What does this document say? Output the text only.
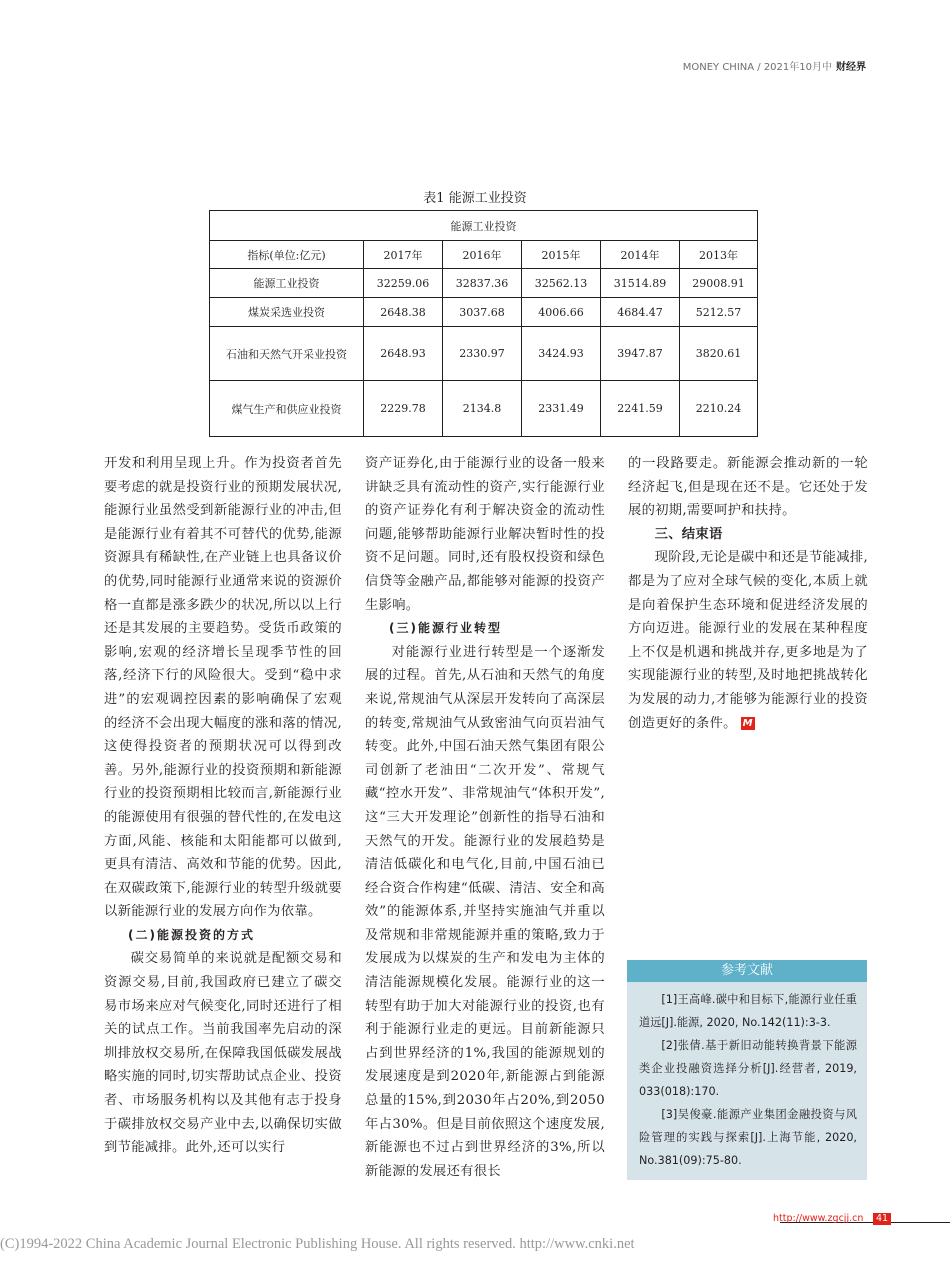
MONEY CHINA / 2021年10月中 财经界
表1 能源工业投资
能源工业投资					
指标(单位:亿元)	2017年	2016年	2015年	2014年	2013年
能源工业投资	32259.06	32837.36	32562.13	31514.89	29008.91
煤炭采选业投资	2648.38	3037.68	4006.66	4684.47	5212.57
石油和天然气开采业投资	2648.93	2330.97	3424.93	3947.87	3820.61
煤气生产和供应业投资	2229.78	2134.8	2331.49	2241.59	2210.24

开发和利用呈现上升。作为投资者首先要考虑的就是投资行业的预期发展状况,能源行业虽然受到新能源行业的冲击,但是能源行业有着其不可替代的优势,能源资源具有稀缺性,在产业链上也具备议价的优势,同时能源行业通常来说的资源价格一直都是涨多跌少的状况,所以以上行还是其发展的主要趋势。受货币政策的影响,宏观的经济增长呈现季节性的回落,经济下行的风险很大。受到“稳中求进”的宏观调控因素的影响确保了宏观的经济不会出现大幅度的涨和落的情况,这使得投资者的预期状况可以得到改善。另外,能源行业的投资预期和新能源行业的投资预期相比较而言,新能源行业的能源使用有很强的替代性的,在发电这方面,风能、核能和太阳能都可以做到,更具有清洁、高效和节能的优势。因此,在双碳政策下,能源行业的转型升级就要以新能源行业的发展方向作为依靠。

(二)能源投资的方式

碳交易简单的来说就是配额交易和资源交易,目前,我国政府已建立了碳交易市场来应对气候变化,同时还进行了相关的试点工作。当前我国率先启动的深圳排放权交易所,在保障我国低碳发展战略实施的同时,切实帮助试点企业、投资者、市场服务机构以及其他有志于投身于碳排放权交易产业中去,以确保切实做到节能减排。此外,还可以实行

资产证券化,由于能源行业的设备一般来讲缺乏具有流动性的资产,实行能源行业的资产证券化有利于解决资金的流动性问题,能够帮助能源行业解决暂时性的投资不足问题。同时,还有股权投资和绿色信贷等金融产品,都能够对能源的投资产生影响。

(三)能源行业转型

对能源行业进行转型是一个逐渐发展的过程。首先,从石油和天然气的角度来说,常规油气从深层开发转向了高深层的转变,常规油气从致密油气向页岩油气转变。此外,中国石油天然气集团有限公司创新了老油田“二次开发”、常规气藏“控水开发”、非常规油气“体积开发”,这“三大开发理论”创新性的指导石油和天然气的开发。能源行业的发展趋势是清洁低碳化和电气化,目前,中国石油已经合资合作构建“低碳、清洁、安全和高效”的能源体系,并坚持实施油气并重以及常规和非常规能源并重的策略,致力于发展成为以煤炭的生产和发电为主体的清洁能源规模化发展。能源行业的这一转型有助于加大对能源行业的投资,也有利于能源行业走的更远。目前新能源只占到世界经济的1%,我国的能源规划的发展速度是到2020年,新能源占到能源总量的15%,到2030年占20%,到2050年占30%。但是目前依照这个速度发展,新能源也不过占到世界经济的3%,所以新能源的发展还有很长

的一段路要走。新能源会推动新的一轮经济起飞,但是现在还不是。它还处于发展的初期,需要呵护和扶持。

三、结束语

现阶段,无论是碳中和还是节能减排,都是为了应对全球气候的变化,本质上就是向着保护生态环境和促进经济发展的方向迈进。能源行业的发展在某种程度上不仅是机遇和挑战并存,更多地是为了实现能源行业的转型,及时地把挑战转化为发展的动力,才能够为能源行业的投资创造更好的条件。 M

参考文献

[1]王高峰.碳中和目标下,能源行业任重道远[J].能源, 2020, No.142(11):3-3.

[2]张倩.基于新旧动能转换背景下能源类企业投融资选择分析[J].经营者, 2019, 033(018):170.

[3]吴俊豪.能源产业集团金融投资与风险管理的实践与探索[J].上海节能, 2020, No.381(09):75-80.

http://www.zgcjj.cn	41
(C)1994-2022 China Academic Journal Electronic Publishing House. All rights reserved. http://www.cnki.net
